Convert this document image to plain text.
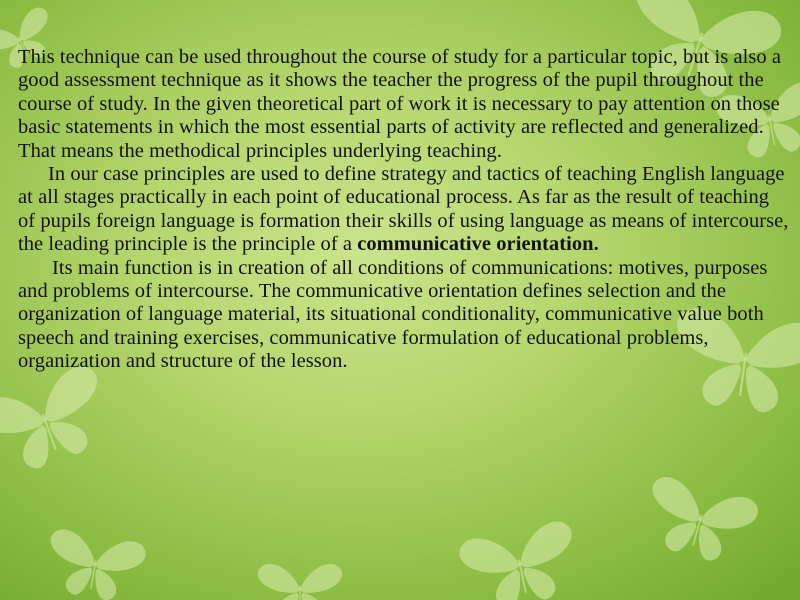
This technique can be used throughout the course of study for a particular topic, but is also a good assessment technique as it shows the teacher the progress of the pupil throughout the course of study. In the given theoretical part of work it is necessary to pay attention on those basic statements in which the most essential parts of activity are reflected and generalized. That means the methodical principles underlying teaching.

In our case principles are used to define strategy and tactics of teaching English language at all stages practically in each point of educational process. As far as the result of teaching of pupils foreign language is formation their skills of using language as means of intercourse, the leading principle is the principle of a communicative orientation.

Its main function is in creation of all conditions of communications: motives, purposes and problems of intercourse. The communicative orientation defines selection and the organization of language material, its situational conditionality, communicative value both speech and training exercises, communicative formulation of educational problems, organization and structure of the lesson.
